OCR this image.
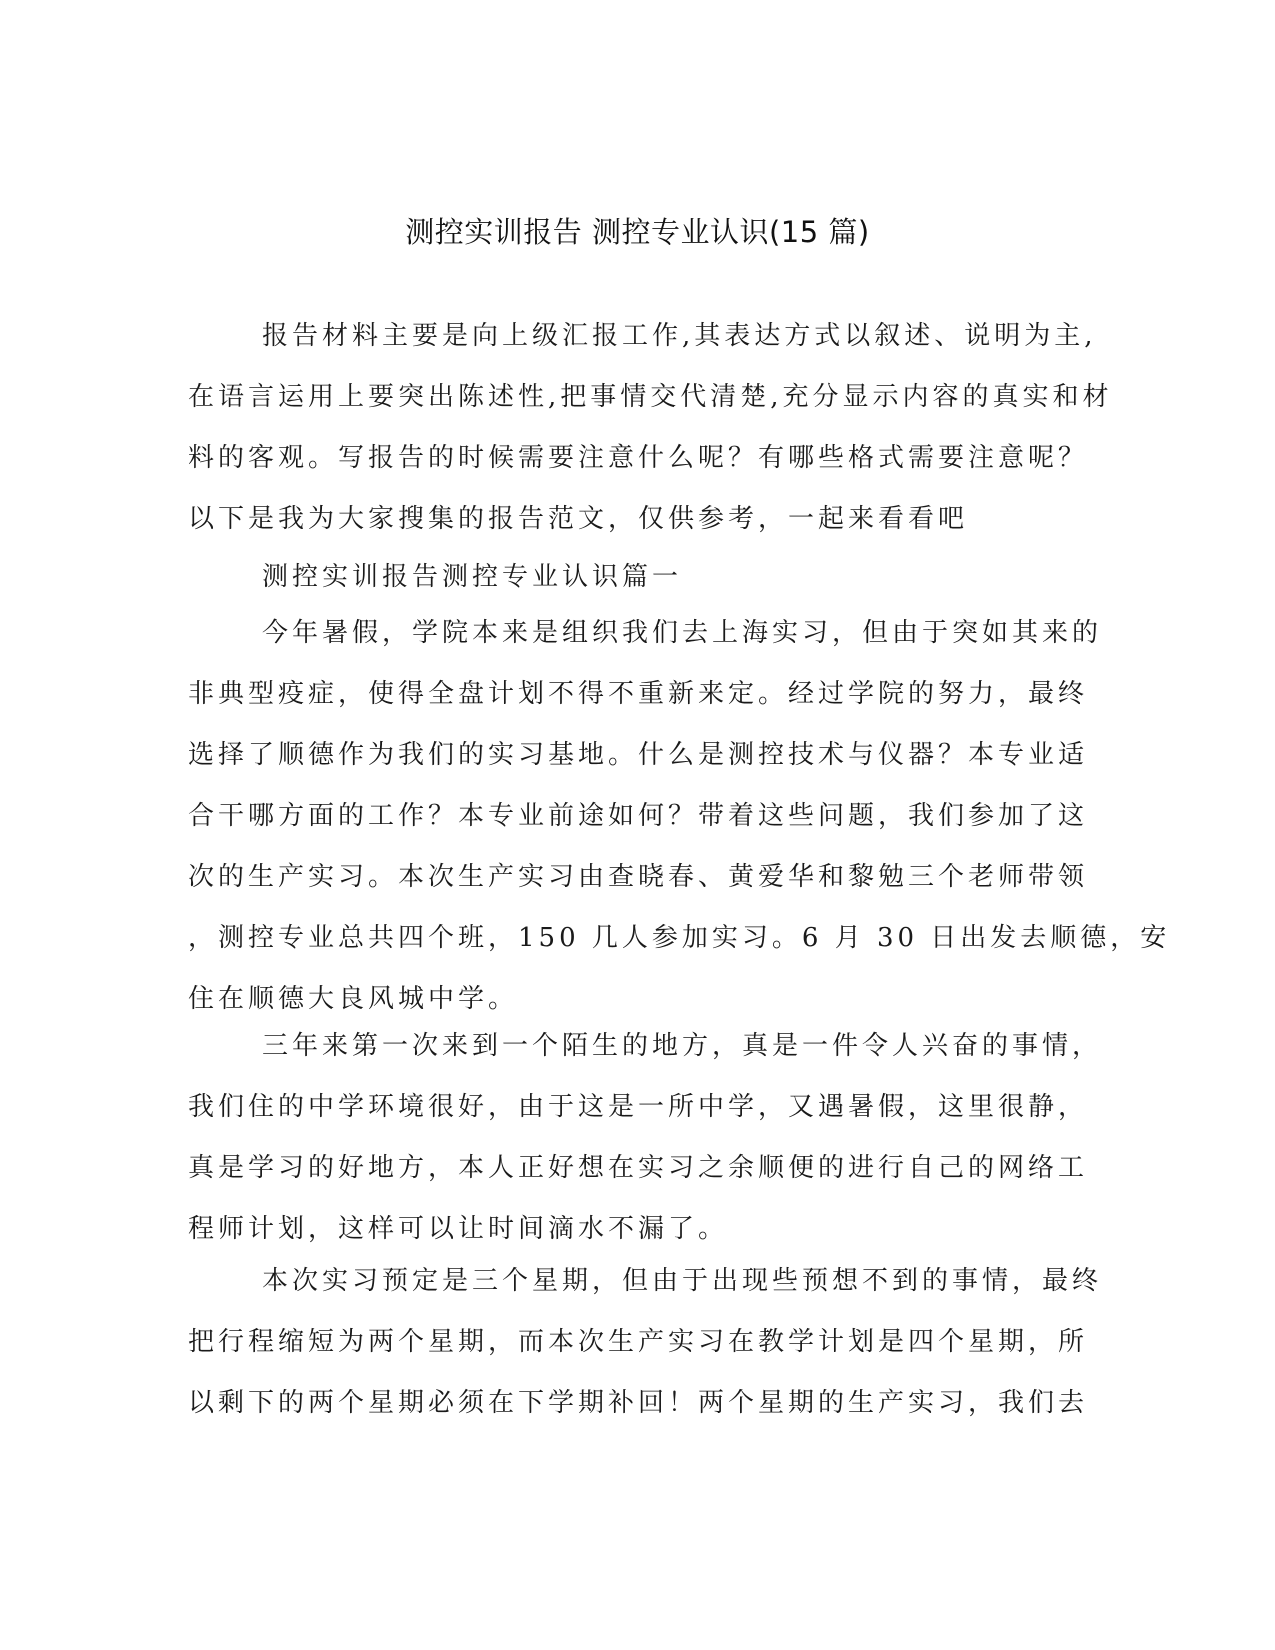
测控实训报告 测控专业认识(15 篇)
报告材料主要是向上级汇报工作,其表达方式以叙述、说明为主,
在语言运用上要突出陈述性,把事情交代清楚,充分显示内容的真实和材
料的客观。写报告的时候需要注意什么呢？有哪些格式需要注意呢？
以下是我为大家搜集的报告范文，仅供参考，一起来看看吧
测控实训报告测控专业认识篇一
今年暑假，学院本来是组织我们去上海实习，但由于突如其来的
非典型疫症，使得全盘计划不得不重新来定。经过学院的努力，最终
选择了顺德作为我们的实习基地。什么是测控技术与仪器？本专业适
合干哪方面的工作？本专业前途如何？带着这些问题，我们参加了这
次的生产实习。本次生产实习由查晓春、黄爱华和黎勉三个老师带领
，测控专业总共四个班，150 几人参加实习。6 月 30 日出发去顺德，安
住在顺德大良风城中学。
三年来第一次来到一个陌生的地方，真是一件令人兴奋的事情，
我们住的中学环境很好，由于这是一所中学，又遇暑假，这里很静，
真是学习的好地方，本人正好想在实习之余顺便的进行自己的网络工
程师计划，这样可以让时间滴水不漏了。
本次实习预定是三个星期，但由于出现些预想不到的事情，最终
把行程缩短为两个星期，而本次生产实习在教学计划是四个星期，所
以剩下的两个星期必须在下学期补回！两个星期的生产实习，我们去
